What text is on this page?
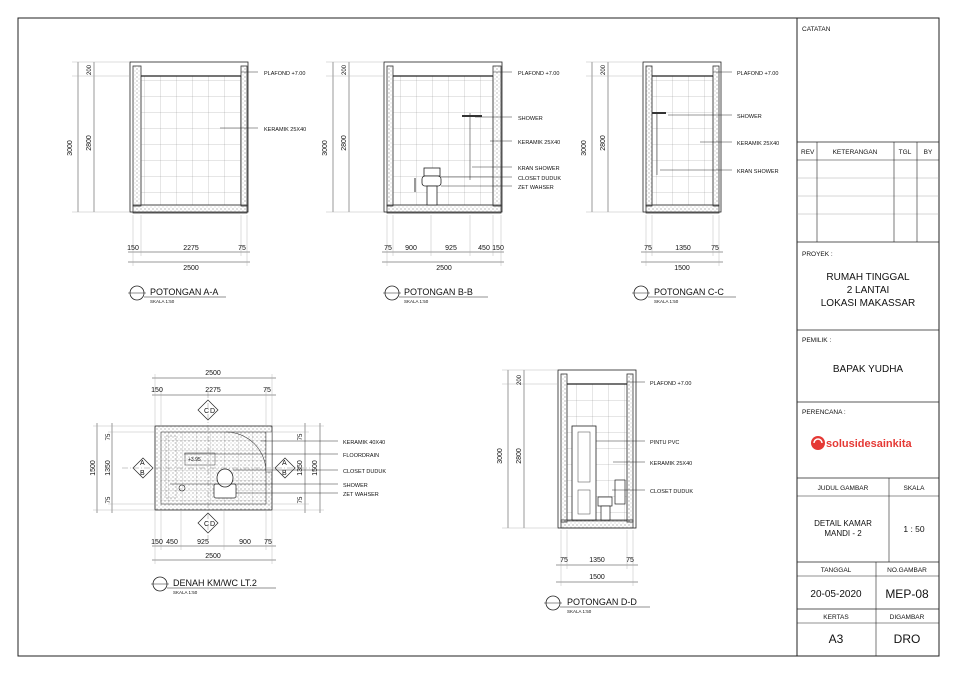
PLAFOND +7.00
KERAMIK 25X40
3000 2800
200
150	2275	75
2500
POTONGAN A-A
SKALA 1:50
PLAFOND +7.00
SHOWER
KERAMIK 25X40
KRAN SHOWER
CLOSET DUDUK
ZET WAHSER
3000 2800
200
75 900	925	450 150
2500
POTONGAN B-B
SKALA 1:50
PLAFOND +7.00
SHOWER
KERAMIK 25X40
KRAN SHOWER
3000 2800
200
75	1350	75
1500
POTONGAN C-C
SKALA 1:50
+3.95
C D
C D
A
B
A
B
KERAMIK 40X40
FLOORDRAIN
CLOSET DUDUK
SHOWER
ZET WAHSER
2500
150	2275	75
150 450	925	900 75
2500
1500 1350
75
75
1350 1500
75
75
DENAH KM/WC LT.2
SKALA 1:50
PLAFOND +7.00
PINTU PVC
KERAMIK 25X40
CLOSET DUDUK
3000 2800
200
75	1350	75
1500
POTONGAN D-D
SKALA 1:50
CATATAN
REV	KETERANGAN	TGL BY
PROYEK :
RUMAH TINGGAL
2 LANTAI
LOKASI MAKASSAR
PEMILIK :
BAPAK YUDHA
PERENCANA :
solusidesainkita
JUDUL GAMBAR	SKALA
DETAIL KAMAR
MANDI - 2	1 : 50
TANGGAL	NO.GAMBAR
20-05-2020 MEP-08
KERTAS	DIGAMBAR
A3	DRO
